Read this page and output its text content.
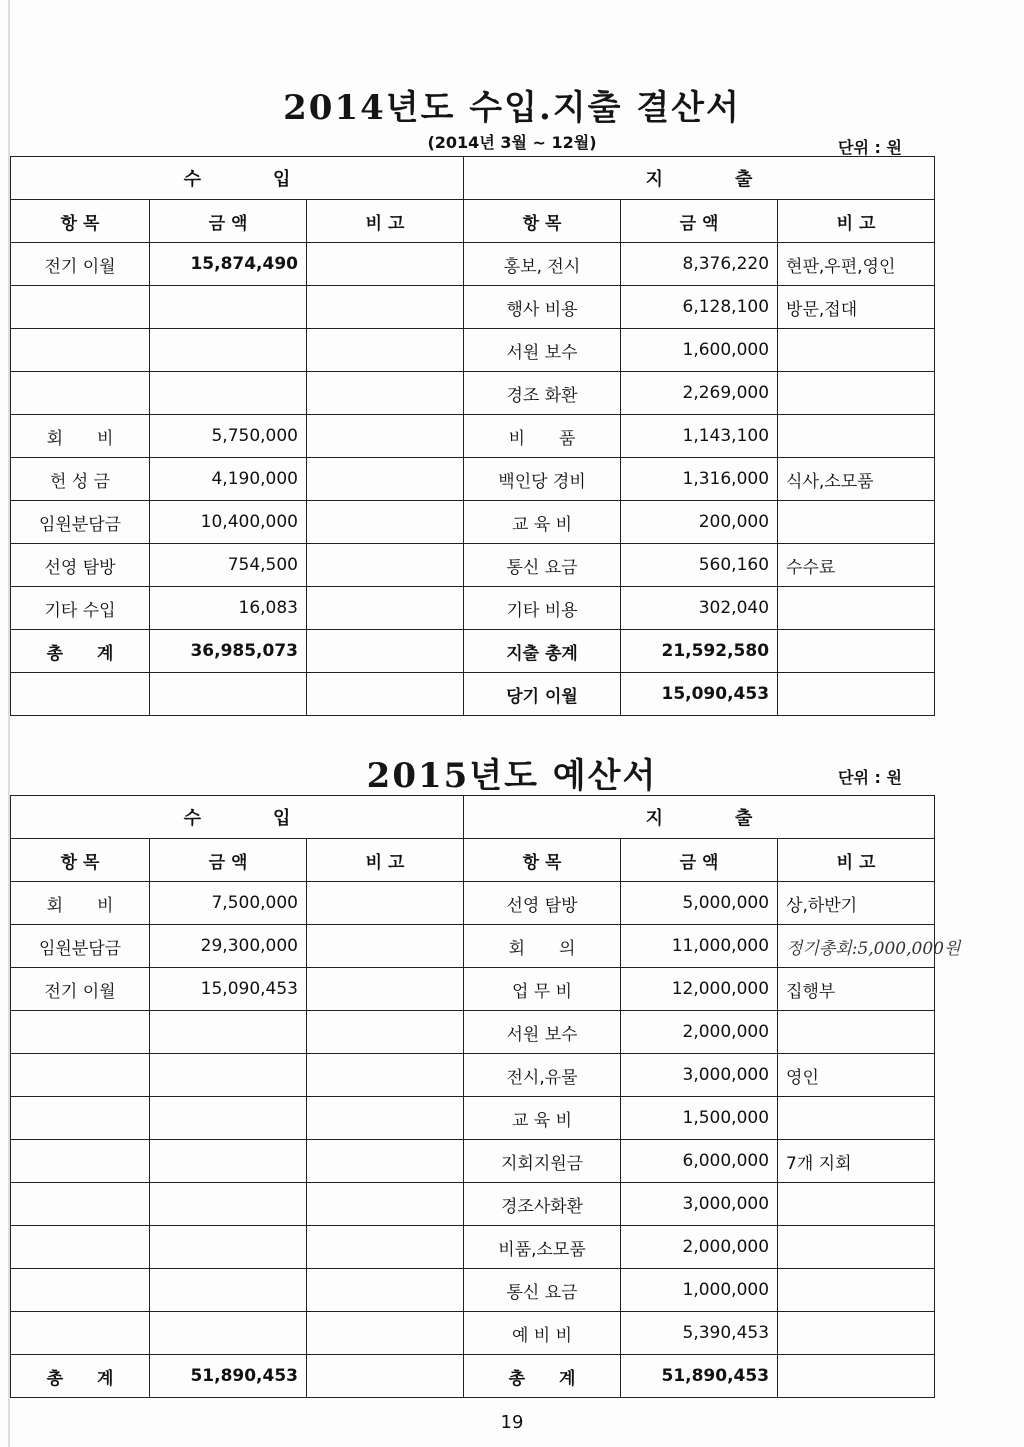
2014년도 수입.지출 결산서
(2014년 3월 ~ 12월)	단위 : 원
수　　　　입			지　　　　출		
항 목	금 액	비 고	항 목	금 액	비 고
전기 이월	15,874,490		홍보, 전시	8,376,220	현판,우편,영인
			행사 비용	6,128,100	방문,접대
			서원 보수	1,600,000	
			경조 화환	2,269,000	
회　　비	5,750,000		비　　품	1,143,100	
헌 성 금	4,190,000		백인당 경비	1,316,000	식사,소모품
임원분담금	10,400,000		교 육 비	200,000	
선영 탐방	754,500		통신 요금	560,160	수수료
기타 수입	16,083		기타 비용	302,040	
총　　계	36,985,073		지출 총계	21,592,580	
			당기 이월	15,090,453	
2015년도 예산서	단위 : 원
수　　　　입			지　　　　출		
항 목	금 액	비 고	항 목	금 액	비 고
회　　비	7,500,000		선영 탐방	5,000,000	상,하반기
임원분담금	29,300,000		회　　의	11,000,000	정기총회:5,000,000원
전기 이월	15,090,453		업 무 비	12,000,000	집행부
			서원 보수	2,000,000	
			전시,유물	3,000,000	영인
			교 육 비	1,500,000	
			지회지원금	6,000,000	7개 지회
			경조사화환	3,000,000	
			비품,소모품	2,000,000	
			통신 요금	1,000,000	
			예 비 비	5,390,453	
총　　계	51,890,453		총　　계	51,890,453	
19
